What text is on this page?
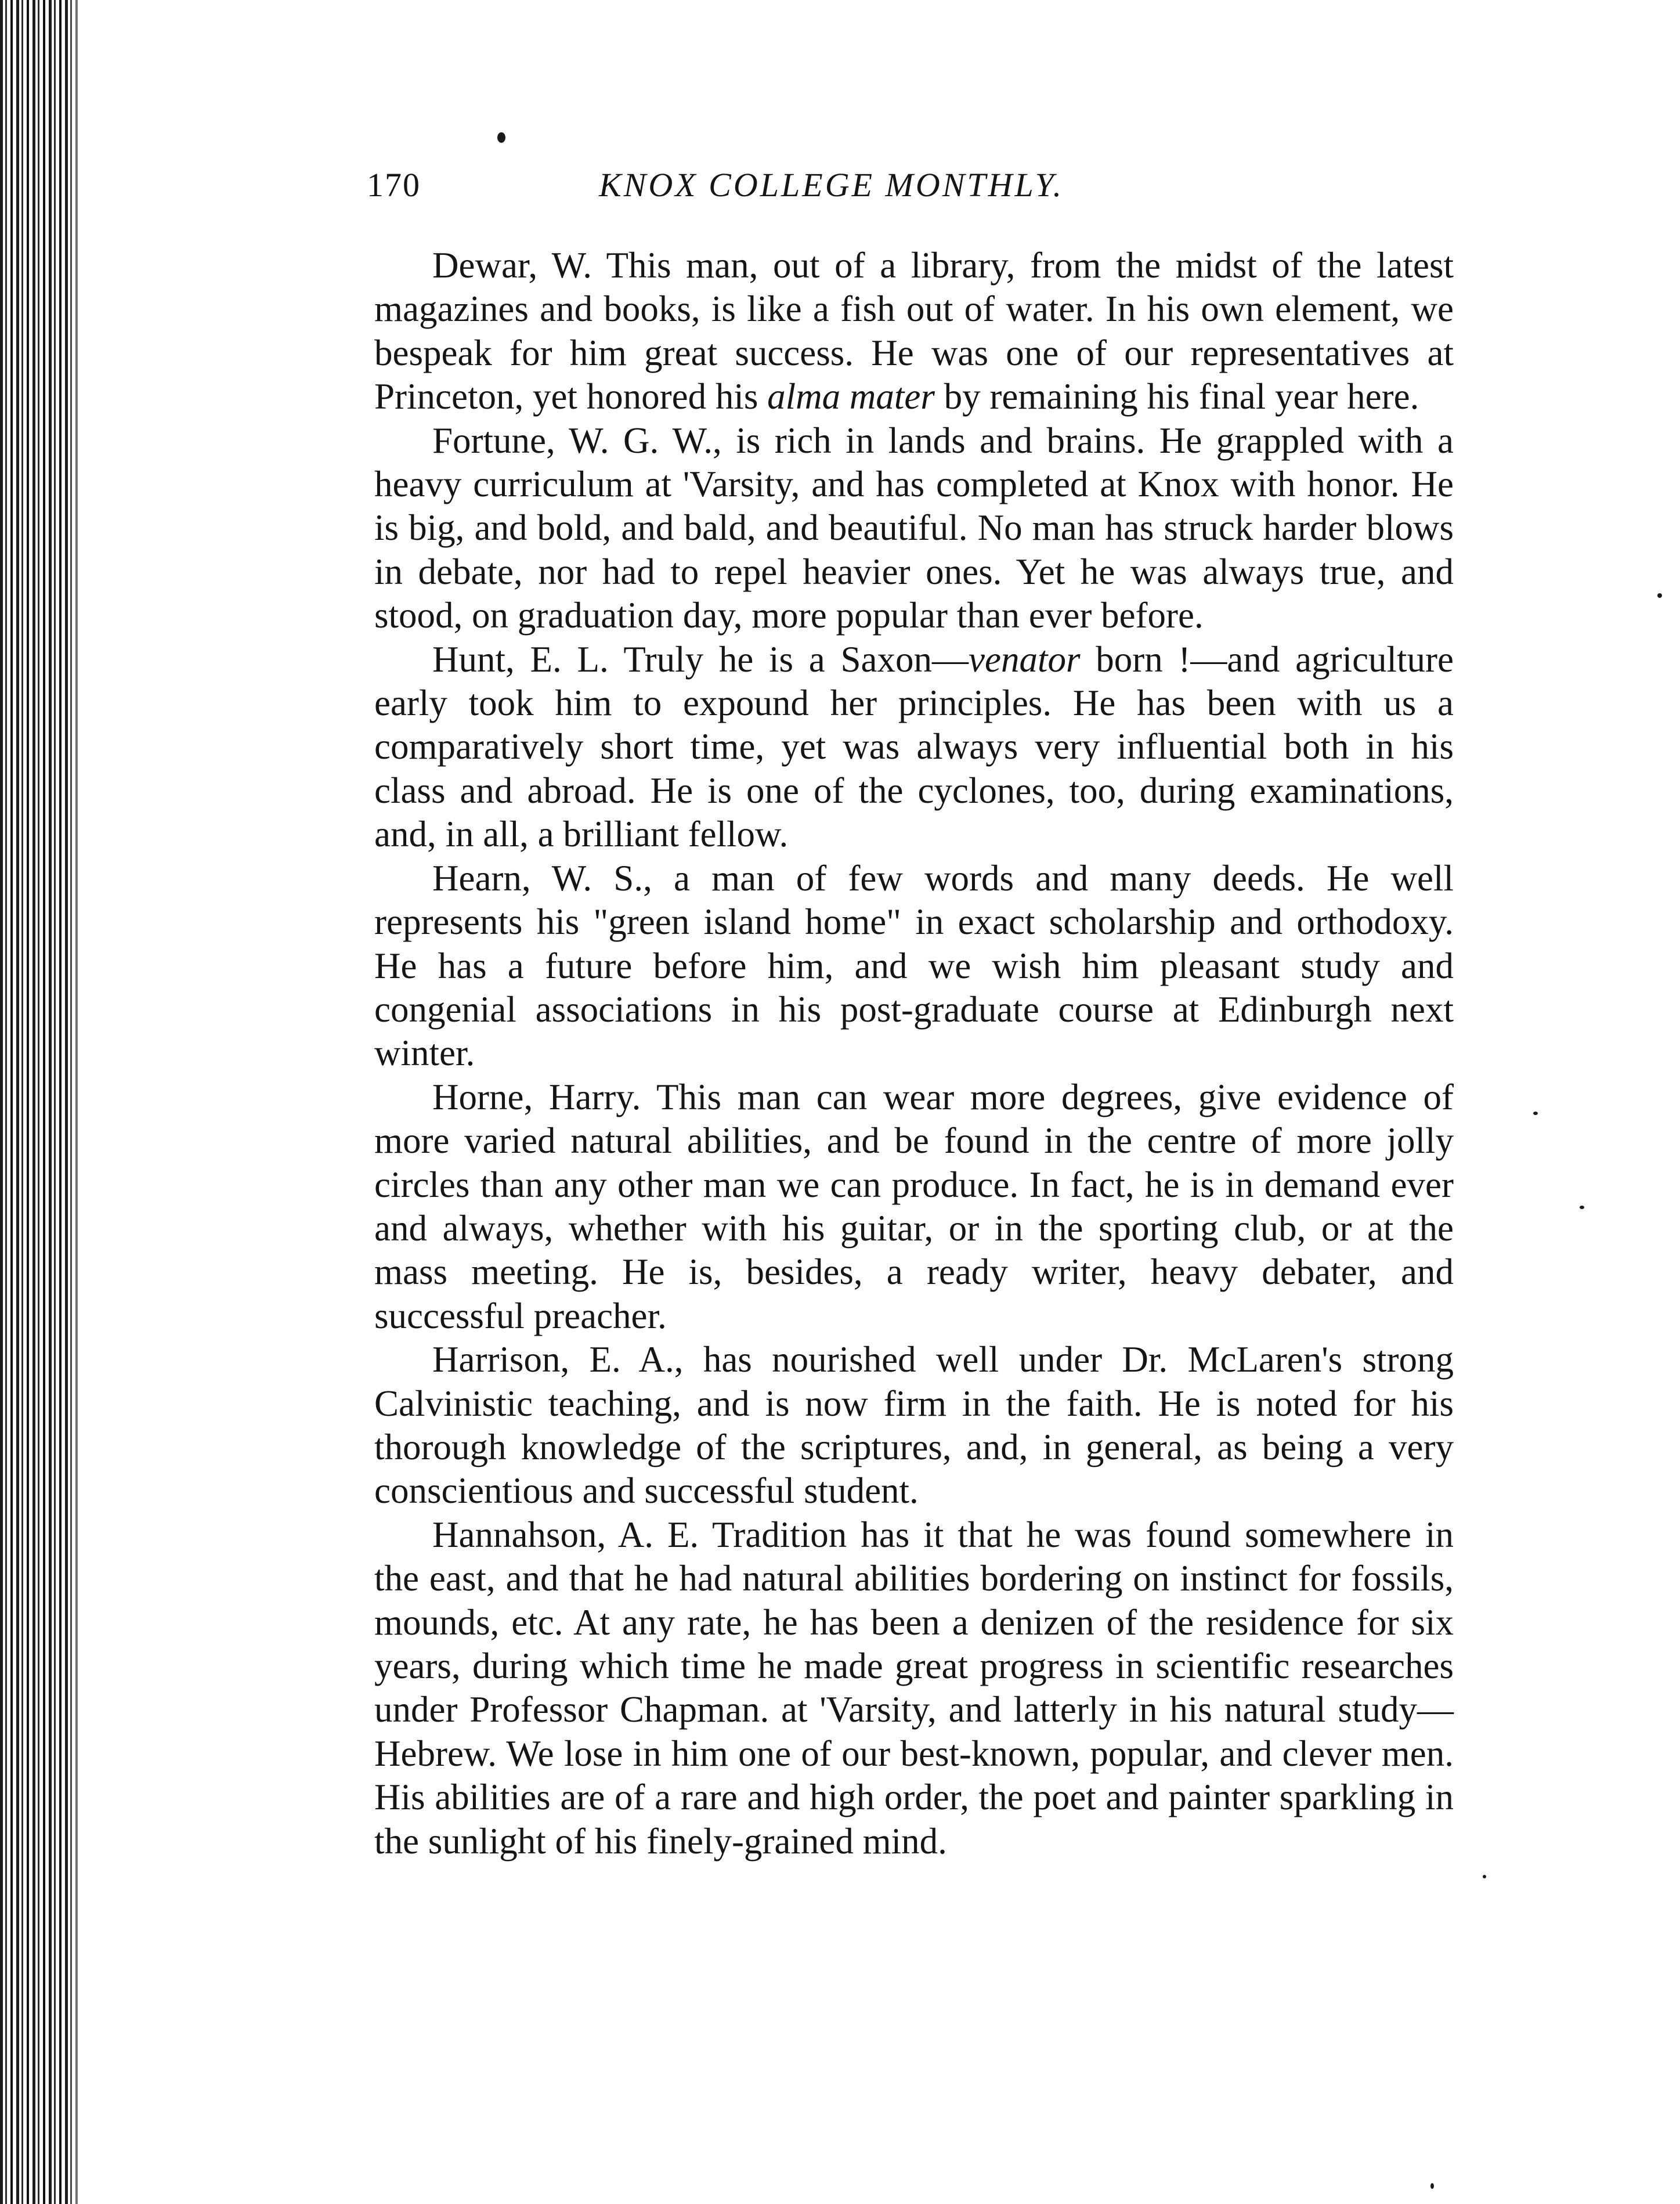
170	KNOX COLLEGE MONTHLY.

Dewar, W. This man, out of a library, from the midst of the latest magazines and books, is like a fish out of water. In his own element, we bespeak for him great success. He was one of our representatives at Princeton, yet honored his alma mater by remaining his final year here.

Fortune, W. G. W., is rich in lands and brains. He grappled with a heavy curriculum at 'Varsity, and has completed at Knox with honor. He is big, and bold, and bald, and beautiful. No man has struck harder blows in debate, nor had to repel heavier ones. Yet he was always true, and stood, on graduation day, more popular than ever before.

Hunt, E. L. Truly he is a Saxon—venator born !—and agriculture early took him to expound her principles. He has been with us a comparatively short time, yet was always very influential both in his class and abroad. He is one of the cyclones, too, during examinations, and, in all, a brilliant fellow.

Hearn, W. S., a man of few words and many deeds. He well represents his "green island home" in exact scholarship and orthodoxy. He has a future before him, and we wish him pleasant study and congenial associations in his post-graduate course at Edinburgh next winter.

Horne, Harry. This man can wear more degrees, give evidence of more varied natural abilities, and be found in the centre of more jolly circles than any other man we can produce. In fact, he is in demand ever and always, whether with his guitar, or in the sporting club, or at the mass meeting. He is, besides, a ready writer, heavy debater, and successful preacher.

Harrison, E. A., has nourished well under Dr. McLaren's strong Calvinistic teaching, and is now firm in the faith. He is noted for his thorough knowledge of the scriptures, and, in general, as being a very conscientious and successful student.

Hannahson, A. E. Tradition has it that he was found somewhere in the east, and that he had natural abilities bordering on instinct for fossils, mounds, etc. At any rate, he has been a denizen of the residence for six years, during which time he made great progress in scientific researches under Professor Chapman. at 'Varsity, and latterly in his natural study—Hebrew. We lose in him one of our best-known, popular, and clever men. His abilities are of a rare and high order, the poet and painter sparkling in the sunlight of his finely-grained mind.
